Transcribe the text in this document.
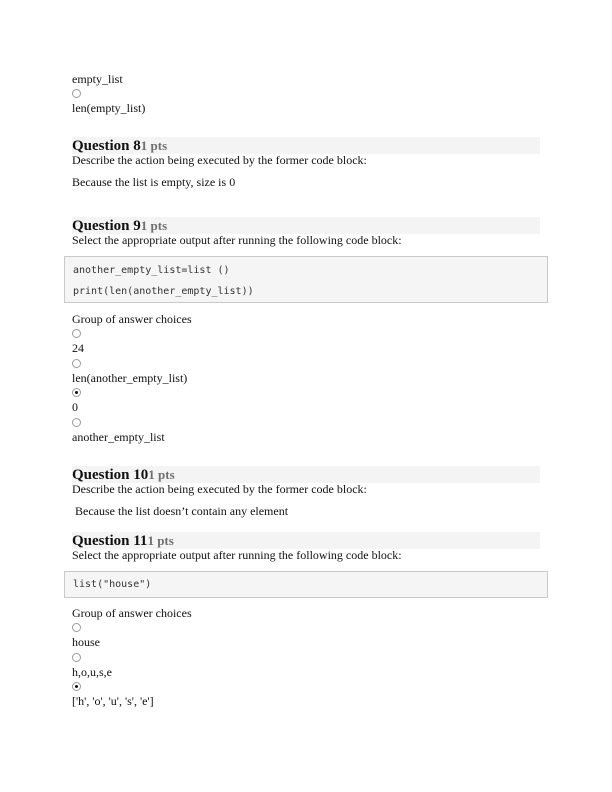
empty_list
len(empty_list)
Question 81 pts
Describe the action being executed by the former code block:
Because the list is empty, size is 0
Question 91 pts
Select the appropriate output after running the following code block:
another_empty_list=list ()
print(len(another_empty_list))
Group of answer choices
24
len(another_empty_list)
0
another_empty_list
Question 101 pts
Describe the action being executed by the former code block:
Because the list doesn’t contain any element
Question 111 pts
Select the appropriate output after running the following code block:
list("house")
Group of answer choices
house
h,o,u,s,e
['h', 'o', 'u', 's', 'e']
